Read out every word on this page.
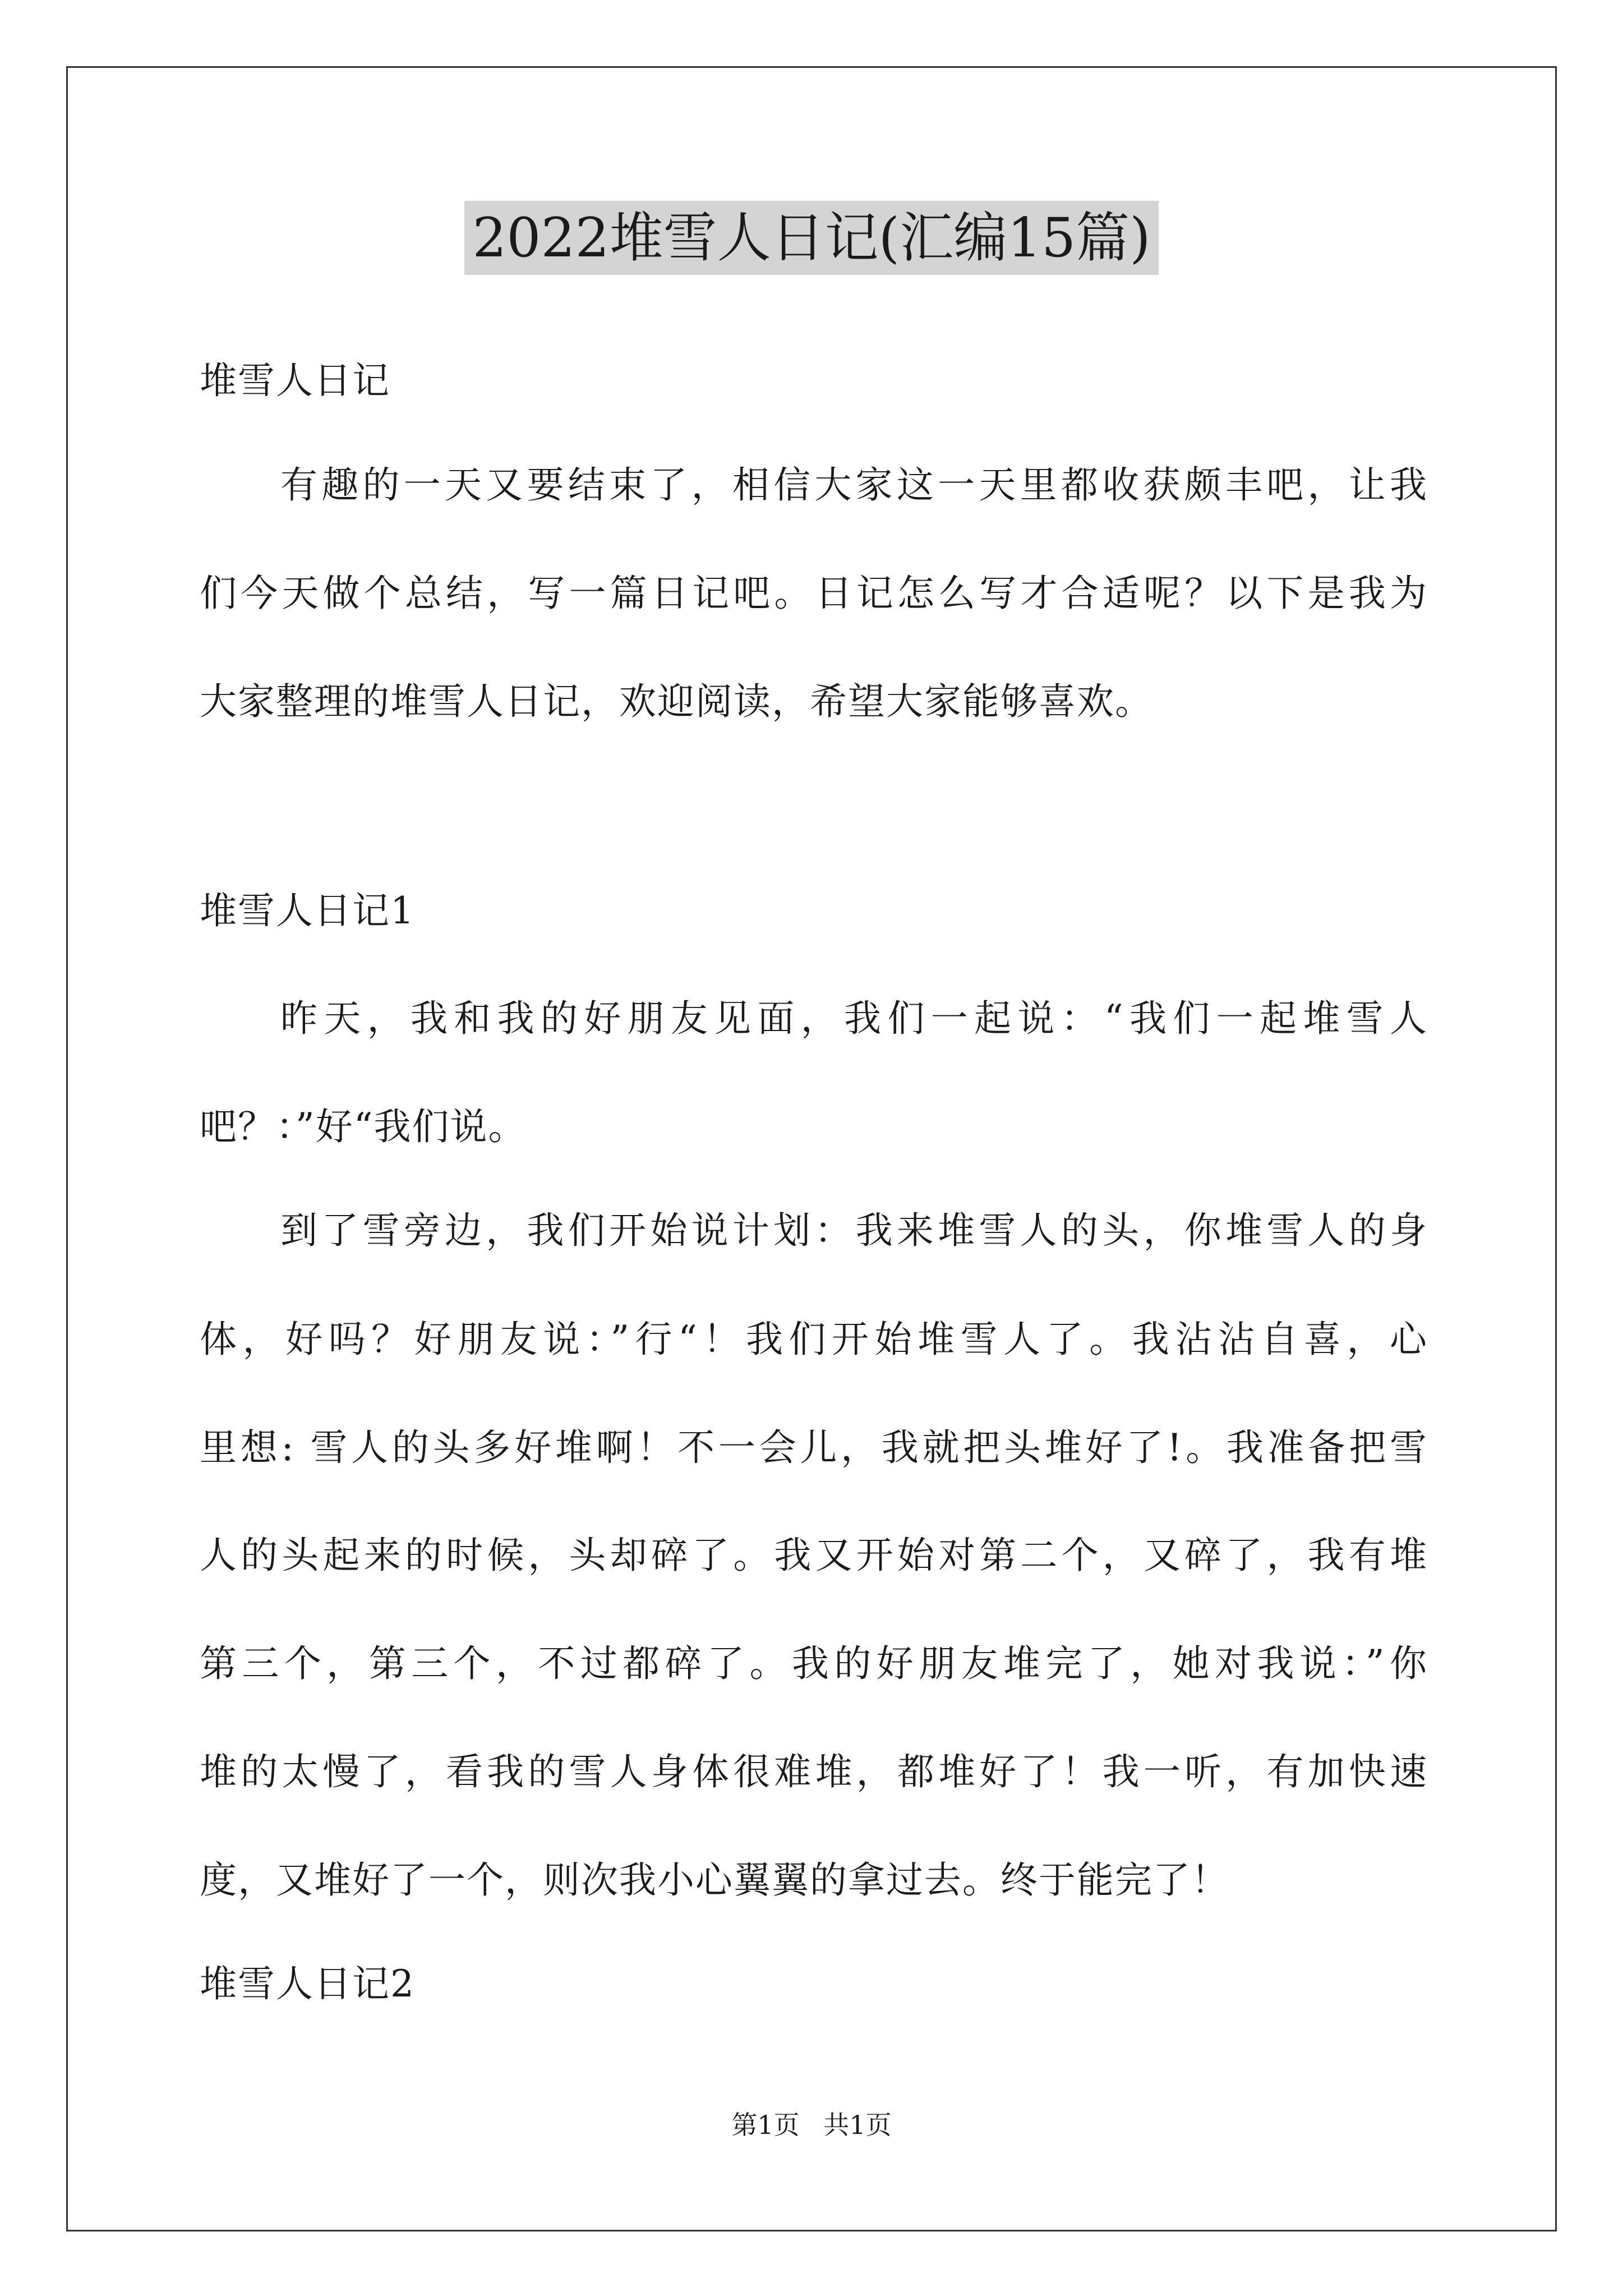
2022堆雪人日记(汇编15篇)
堆雪人日记
有趣的一天又要结束了，相信大家这一天里都收获颇丰吧，让我
们今天做个总结，写一篇日记吧。日记怎么写才合适呢？以下是我为
大家整理的堆雪人日记，欢迎阅读，希望大家能够喜欢。
堆雪人日记1
昨天，我和我的好朋友见面，我们一起说：“我们一起堆雪人
吧？：”好“我们说。
到了雪旁边，我们开始说计划：我来堆雪人的头，你堆雪人的身
体，好吗？好朋友说：”行“！我们开始堆雪人了。我沾沾自喜，心
里想: 雪人的头多好堆啊！不一会儿，我就把头堆好了!。我准备把雪
人的头起来的时候，头却碎了。我又开始对第二个，又碎了，我有堆
第三个，第三个，不过都碎了。我的好朋友堆完了，她对我说：”你
堆的太慢了，看我的雪人身体很难堆，都堆好了！我一听，有加快速
度，又堆好了一个，则次我小心翼翼的拿过去。终于能完了！
堆雪人日记2
第1页 共1页
